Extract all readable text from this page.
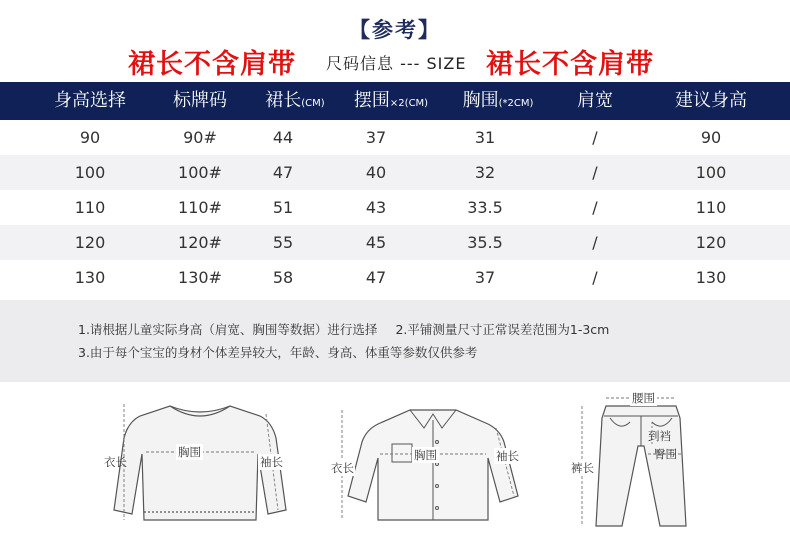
【参考】
裙长不含肩带 尺码信息 --- SIZE 裙长不含肩带
身高选择	标牌码	裙长(CM)	摆围×2(CM)	胸围(*2CM)	肩宽	建议身高
90	90#	44	37	31	/	90
100	100#	47	40	32	/	100
110	110#	51	43	33.5	/	110
120	120#	55	45	35.5	/	120
130	130#	58	47	37	/	130
1.请根据儿童实际身高（肩宽、胸围等数据）进行选择 2.平铺测量尺寸正常误差范围为1-3cm
3.由于每个宝宝的身材个体差异较大，年龄、身高、体重等参数仅供参考
衣长
胸围
袖长	衣长
胸围	袖长
腰围
裤长
到裆
臀围
